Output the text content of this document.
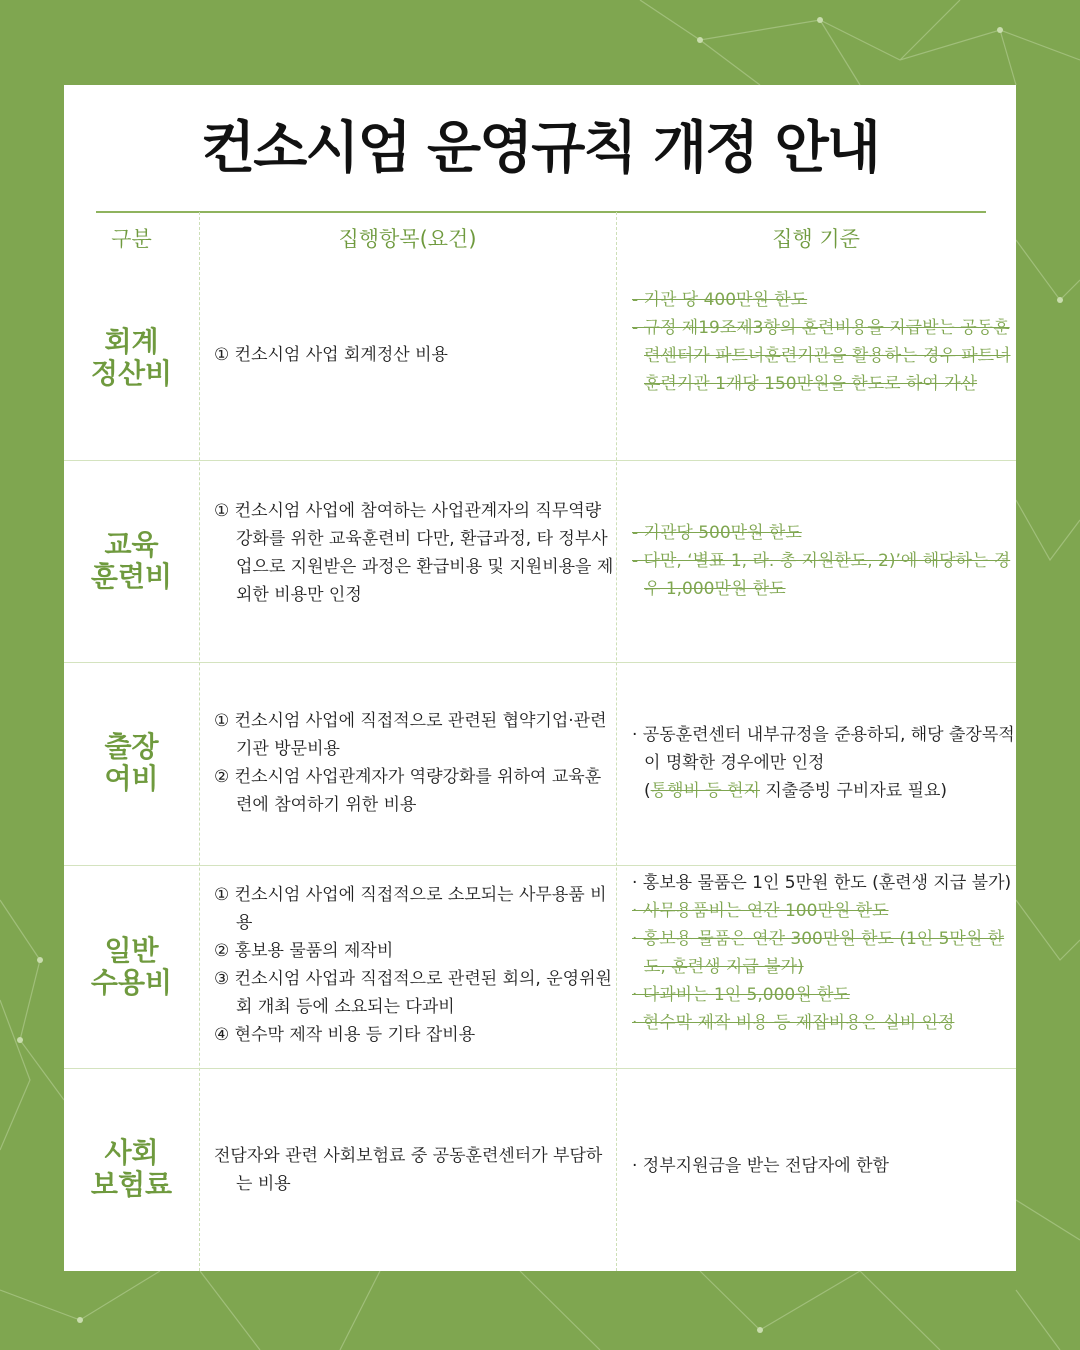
컨소시엄 운영규칙 개정 안내
구분	집행항목(요건)	집행 기준
회계
정산비
① 컨소시엄 사업 회계정산 비용
- 기관 당 400만원 한도
- 규정 제19조제3항의 훈련비용을 지급받는 공동훈련센터가 파트너훈련기관을 활용하는 경우 파트너훈련기관 1개당 150만원을 한도로 하여 가산
교육
훈련비
① 컨소시엄 사업에 참여하는 사업관계자의 직무역량 강화를 위한 교육훈련비 다만, 환급과정, 타 정부사업으로 지원받은 과정은 환급비용 및 지원비용을 제외한 비용만 인정
- 기관당 500만원 한도
- 다만, ‘별표 1, 라. 총 지원한도, 2)’에 해당하는 경우 1,000만원 한도
출장
여비
① 컨소시엄 사업에 직접적으로 관련된 협약기업·관련기관 방문비용
② 컨소시엄 사업관계자가 역량강화를 위하여 교육훈련에 참여하기 위한 비용
· 공동훈련센터 내부규정을 준용하되, 해당 출장목적이 명확한 경우에만 인정
(통행비 등 현지 지출증빙 구비자료 필요)
일반
수용비
① 컨소시엄 사업에 직접적으로 소모되는 사무용품 비용
② 홍보용 물품의 제작비
③ 컨소시엄 사업과 직접적으로 관련된 회의, 운영위원회 개최 등에 소요되는 다과비
④ 현수막 제작 비용 등 기타 잡비용
· 홍보용 물품은 1인 5만원 한도 (훈련생 지급 불가)
· 사무용품비는 연간 100만원 한도
· 홍보용 물품은 연간 300만원 한도 (1인 5만원 한도, 훈련생 지급 불가)
· 다과비는 1인 5,000원 한도
· 현수막 제작 비용 등 제잡비용은 실비 인정
사회
보험료
전담자와 관련 사회보험료 중 공동훈련센터가 부담하는 비용
· 정부지원금을 받는 전담자에 한함
